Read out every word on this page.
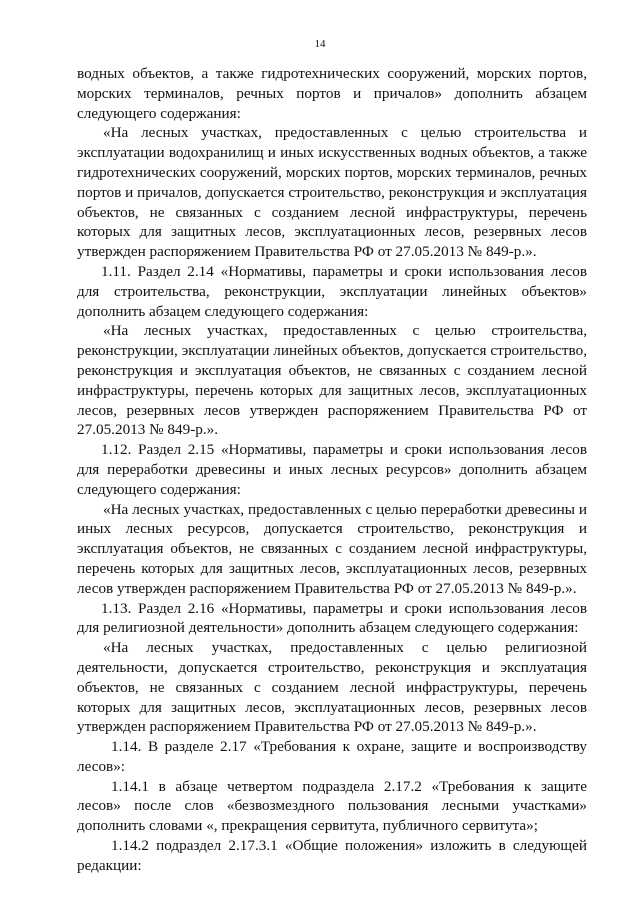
14

водных объектов, а также гидротехнических сооружений, морских портов, морских терминалов, речных портов и причалов» дополнить абзацем следующего содержания:

«На лесных участках, предоставленных с целью строительства и эксплуатации водохранилищ и иных искусственных водных объектов, а также гидротехнических сооружений, морских портов, морских терминалов, речных портов и причалов, допускается строительство, реконструкция и эксплуатация объектов, не связанных с созданием лесной инфраструктуры, перечень которых для защитных лесов, эксплуатационных лесов, резервных лесов утвержден распоряжением Правительства РФ от 27.05.2013 № 849-р.».

1.11. Раздел 2.14 «Нормативы, параметры и сроки использования лесов для строительства, реконструкции, эксплуатации линейных объектов» дополнить абзацем следующего содержания:

«На лесных участках, предоставленных с целью строительства, реконструкции, эксплуатации линейных объектов, допускается строительство, реконструкция и эксплуатация объектов, не связанных с созданием лесной инфраструктуры, перечень которых для защитных лесов, эксплуатационных лесов, резервных лесов утвержден распоряжением Правительства РФ от 27.05.2013 № 849-р.».

1.12. Раздел 2.15 «Нормативы, параметры и сроки использования лесов для переработки древесины и иных лесных ресурсов» дополнить абзацем следующего содержания:

«На лесных участках, предоставленных с целью переработки древесины и иных лесных ресурсов, допускается строительство, реконструкция и эксплуатация объектов, не связанных с созданием лесной инфраструктуры, перечень которых для защитных лесов, эксплуатационных лесов, резервных лесов утвержден распоряжением Правительства РФ от 27.05.2013 № 849-р.».

1.13. Раздел 2.16 «Нормативы, параметры и сроки использования лесов для религиозной деятельности» дополнить абзацем следующего содержания:

«На лесных участках, предоставленных с целью религиозной деятельности, допускается строительство, реконструкция и эксплуатация объектов, не связанных с созданием лесной инфраструктуры, перечень которых для защитных лесов, эксплуатационных лесов, резервных лесов утвержден распоряжением Правительства РФ от 27.05.2013 № 849-р.».

1.14. В разделе 2.17 «Требования к охране, защите и воспроизводству лесов»:

1.14.1 в абзаце четвертом подраздела 2.17.2 «Требования к защите лесов» после слов «безвозмездного пользования лесными участками» дополнить словами «, прекращения сервитута, публичного сервитута»;

1.14.2 подраздел 2.17.3.1 «Общие положения» изложить в следующей редакции:
